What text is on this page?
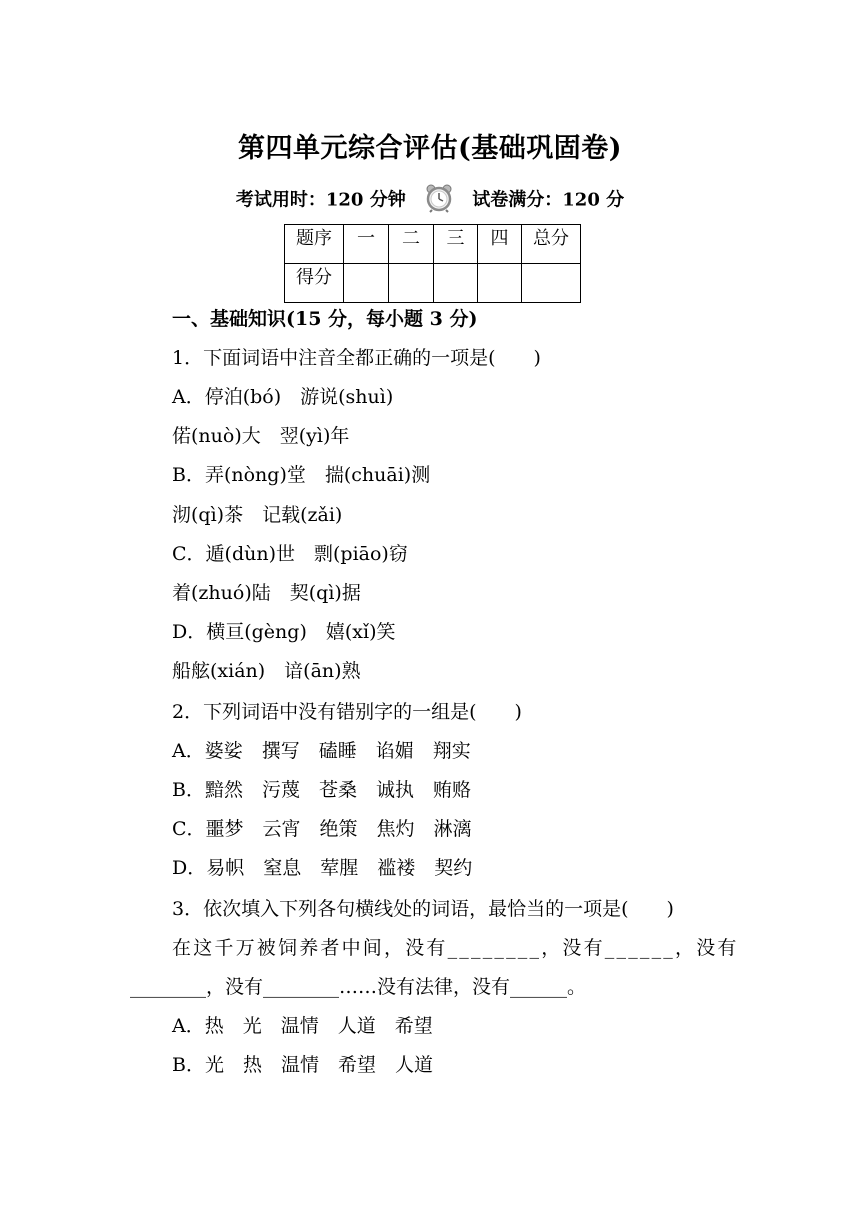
第四单元综合评估(基础巩固卷)
考试用时：120 分钟	试卷满分：120 分
题序	一	二	三	四	总分
得分					
一、基础知识(15 分，每小题 3 分)
1．下面词语中注音全都正确的一项是(　　)
A．停泊(bó)　游说(shuì)
偌(nuò)大　翌(yì)年
B．弄(nòng)堂　揣(chuāi)测
沏(qì)茶　记载(zǎi)
C．遁(dùn)世　剽(piāo)窃
着(zhuó)陆　契(qì)据
D．横亘(gèng)　嬉(xǐ)笑
船舷(xián)　谙(ān)熟
2．下列词语中没有错别字的一组是(　　)
A．婆娑　撰写　磕睡　谄媚　翔实
B．黯然　污蔑　苍桑　诚执　贿赂
C．噩梦　云宵　绝策　焦灼　淋漓
D．易帜　窒息　荤腥　褴褛　契约
3．依次填入下列各句横线处的词语，最恰当的一项是(　　)
在这千万被饲养者中间，没有________，没有______，没有
________，没有________……没有法律，没有______。
A．热　光　温情　人道　希望
B．光　热　温情　希望　人道
